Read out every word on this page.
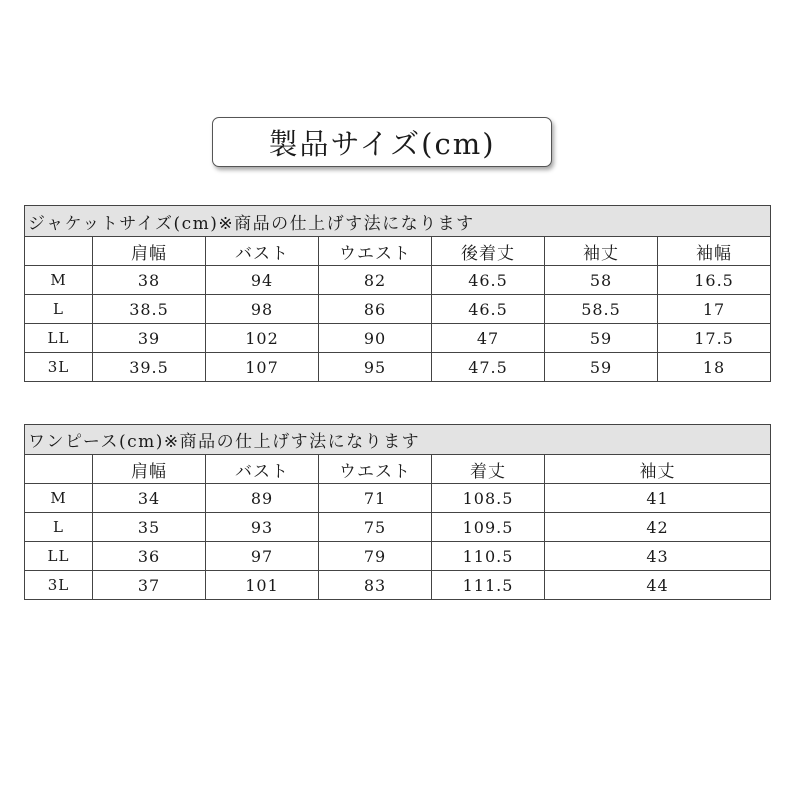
製品サイズ(cm)
ジャケットサイズ(cm)※商品の仕上げす法になります						
	肩幅	バスト	ウエスト	後着丈	袖丈	袖幅
M	38	94	82	46.5	58	16.5
L	38.5	98	86	46.5	58.5	17
LL	39	102	90	47	59	17.5
3L	39.5	107	95	47.5	59	18
ワンピース(cm)※商品の仕上げす法になります					
	肩幅	バスト	ウエスト	着丈	袖丈
M	34	89	71	108.5	41
L	35	93	75	109.5	42
LL	36	97	79	110.5	43
3L	37	101	83	111.5	44
